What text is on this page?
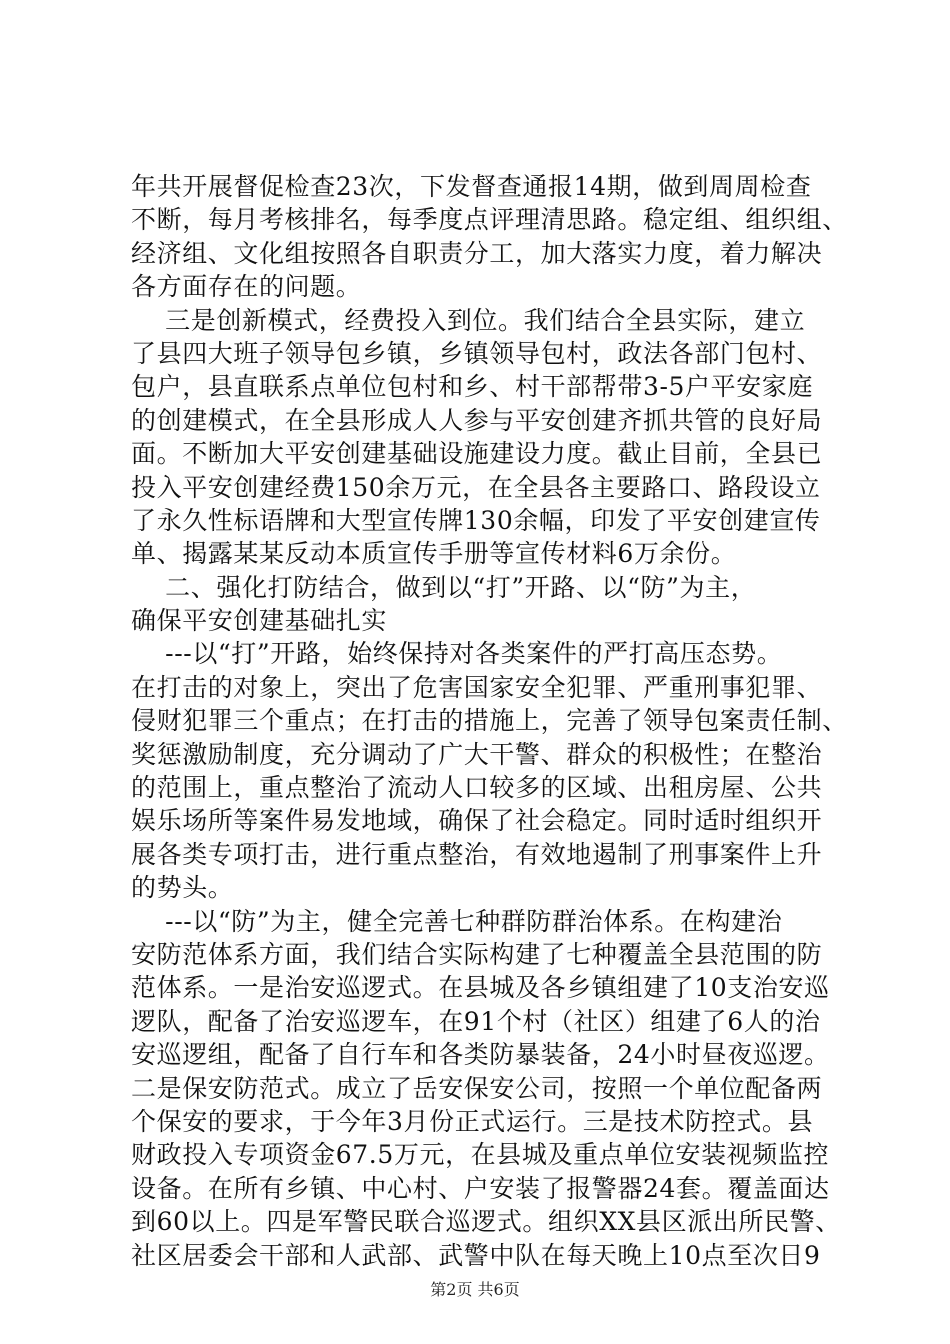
年共开展督促检查23次，下发督查通报14期，做到周周检查
不断，每月考核排名，每季度点评理清思路。稳定组、组织组、
经济组、文化组按照各自职责分工，加大落实力度，着力解决
各方面存在的问题。
三是创新模式，经费投入到位。我们结合全县实际，建立
了县四大班子领导包乡镇，乡镇领导包村，政法各部门包村、
包户，县直联系点单位包村和乡、村干部帮带3-5户平安家庭
的创建模式，在全县形成人人参与平安创建齐抓共管的良好局
面。不断加大平安创建基础设施建设力度。截止目前，全县已
投入平安创建经费150余万元，在全县各主要路口、路段设立
了永久性标语牌和大型宣传牌130余幅，印发了平安创建宣传
单、揭露某某反动本质宣传手册等宣传材料6万余份。
二、强化打防结合，做到以“打”开路、以“防”为主，
确保平安创建基础扎实
---以“打”开路，始终保持对各类案件的严打高压态势。
在打击的对象上，突出了危害国家安全犯罪、严重刑事犯罪、
侵财犯罪三个重点；在打击的措施上，完善了领导包案责任制、
奖惩激励制度，充分调动了广大干警、群众的积极性；在整治
的范围上，重点整治了流动人口较多的区域、出租房屋、公共
娱乐场所等案件易发地域，确保了社会稳定。同时适时组织开
展各类专项打击，进行重点整治，有效地遏制了刑事案件上升
的势头。
---以“防”为主，健全完善七种群防群治体系。在构建治
安防范体系方面，我们结合实际构建了七种覆盖全县范围的防
范体系。一是治安巡逻式。在县城及各乡镇组建了10支治安巡
逻队，配备了治安巡逻车，在91个村（社区）组建了6人的治
安巡逻组，配备了自行车和各类防暴装备，24小时昼夜巡逻。
二是保安防范式。成立了岳安保安公司，按照一个单位配备两
个保安的要求，于今年3月份正式运行。三是技术防控式。县
财政投入专项资金67.5万元，在县城及重点单位安装视频监控
设备。在所有乡镇、中心村、户安装了报警器24套。覆盖面达
到60以上。四是军警民联合巡逻式。组织XX县区派出所民警、
社区居委会干部和人武部、武警中队在每天晚上10点至次日9
第2页 共6页
